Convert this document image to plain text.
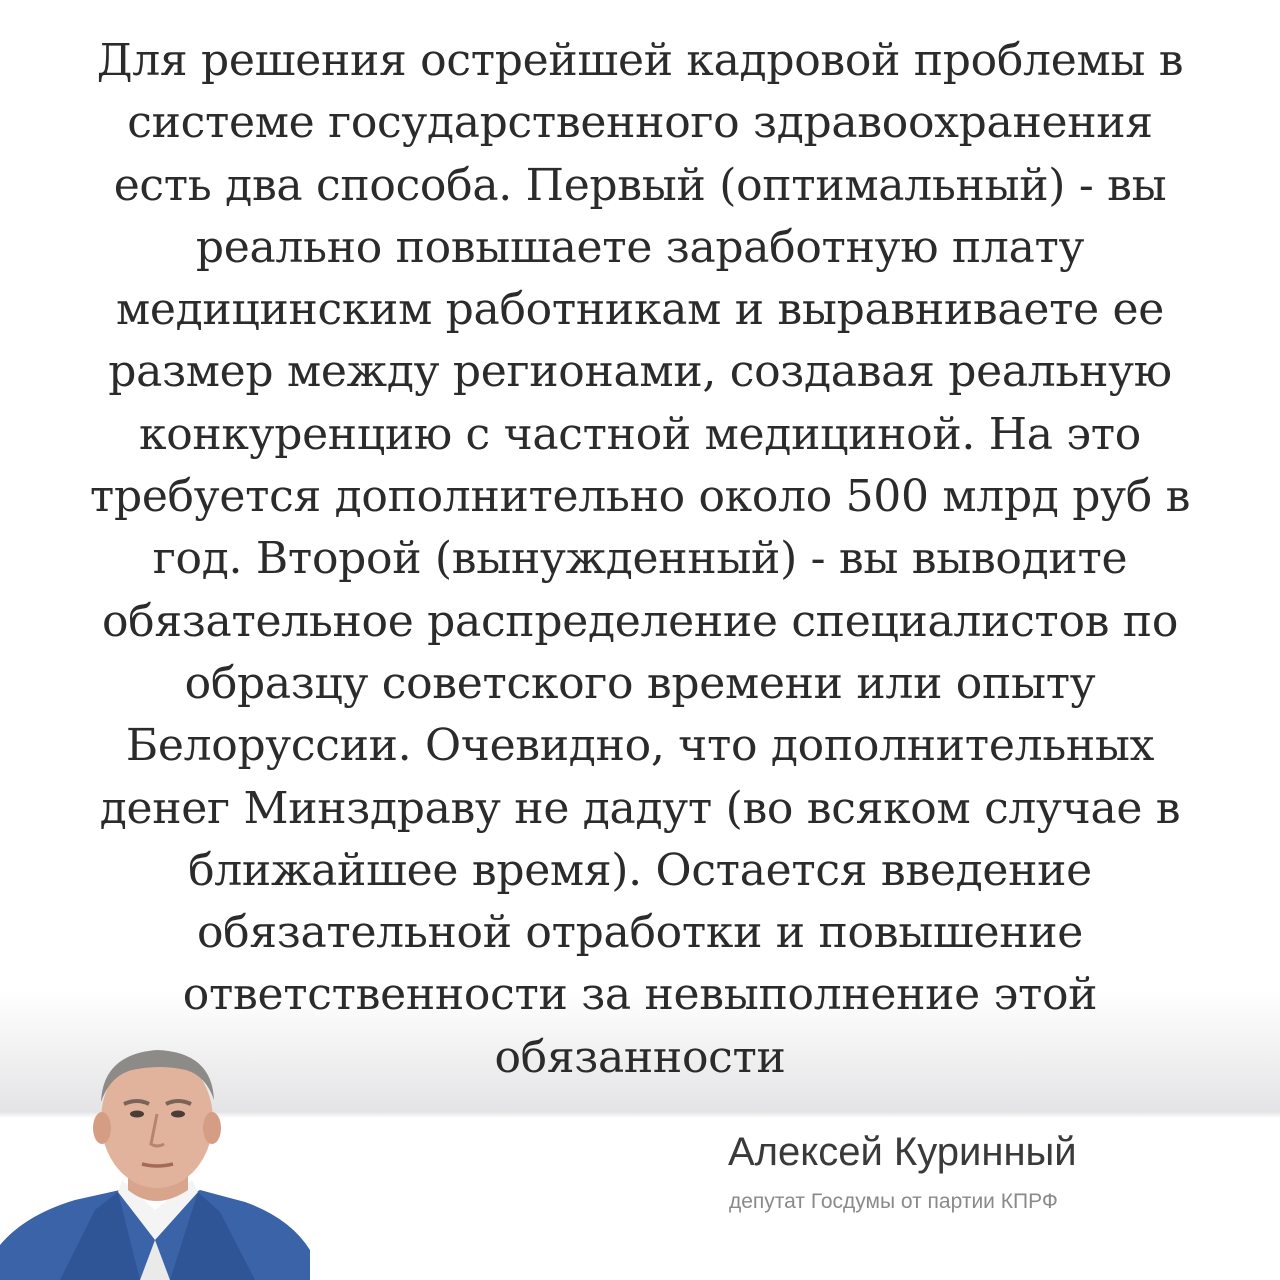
Для решения острейшей кадровой проблемы в
системе государственного здравоохранения
есть два способа. Первый (оптимальный) - вы
реально повышаете заработную плату
медицинским работникам и выравниваете ее
размер между регионами, создавая реальную
конкуренцию с частной медициной. На это
требуется дополнительно около 500 млрд руб в
год. Второй (вынужденный) - вы выводите
обязательное распределение специалистов по
образцу советского времени или опыту
Белоруссии. Очевидно, что дополнительных
денег Минздраву не дадут (во всяком случае в
ближайшее время). Остается введение
обязательной отработки и повышение
ответственности за невыполнение этой
обязанности
Алексей Куринный
депутат Госдумы от партии КПРФ
